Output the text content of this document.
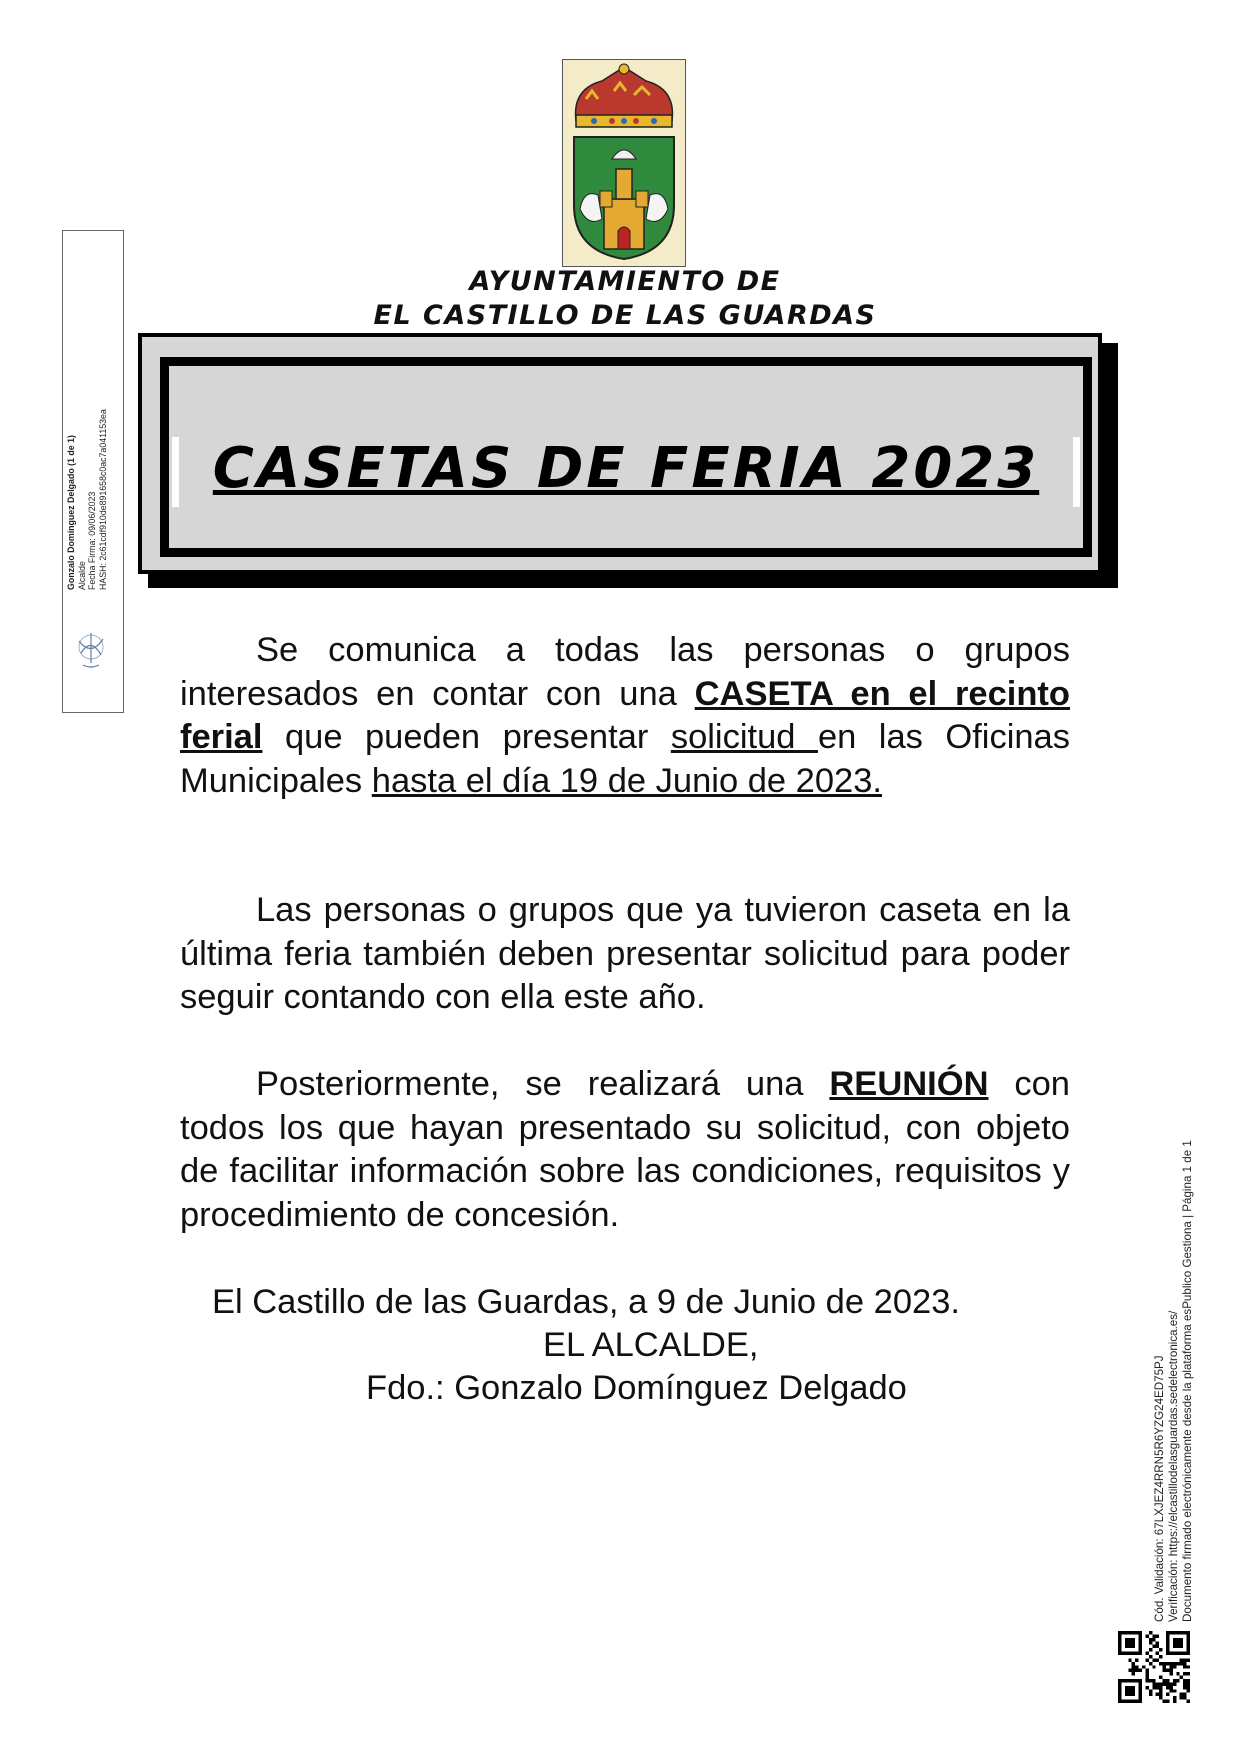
AYUNTAMIENTO DE
EL CASTILLO DE LAS GUARDAS
CASETAS DE FERIA 2023
Se comunica a todas las personas o grupos interesados en contar con una CASETA en el recinto ferial que pueden presentar solicitud en las Oficinas Municipales hasta el día 19 de Junio de 2023.
Las personas o grupos que ya tuvieron caseta en la última feria también deben presentar solicitud para poder seguir contando con ella este año.
Posteriormente, se realizará una REUNIÓN con todos los que hayan presentado su solicitud, con objeto de facilitar información sobre las condiciones, requisitos y procedimiento de concesión.
El Castillo de las Guardas, a 9 de Junio de 2023.
EL ALCALDE,
Fdo.: Gonzalo Domínguez Delgado
Gonzalo Domínguez Delgado (1 de 1) Alcalde Fecha Firma: 09/06/2023 HASH: 2c61cdf910de891658c0ac7a041153ea
Cód. Validación: 67LXJEZ4RRN5R6YZG24ED75PJ Verificación: https://elcastillodelasguardas.sedelectronica.es/ Documento firmado electrónicamente desde la plataforma esPublico Gestiona | Página 1 de 1
